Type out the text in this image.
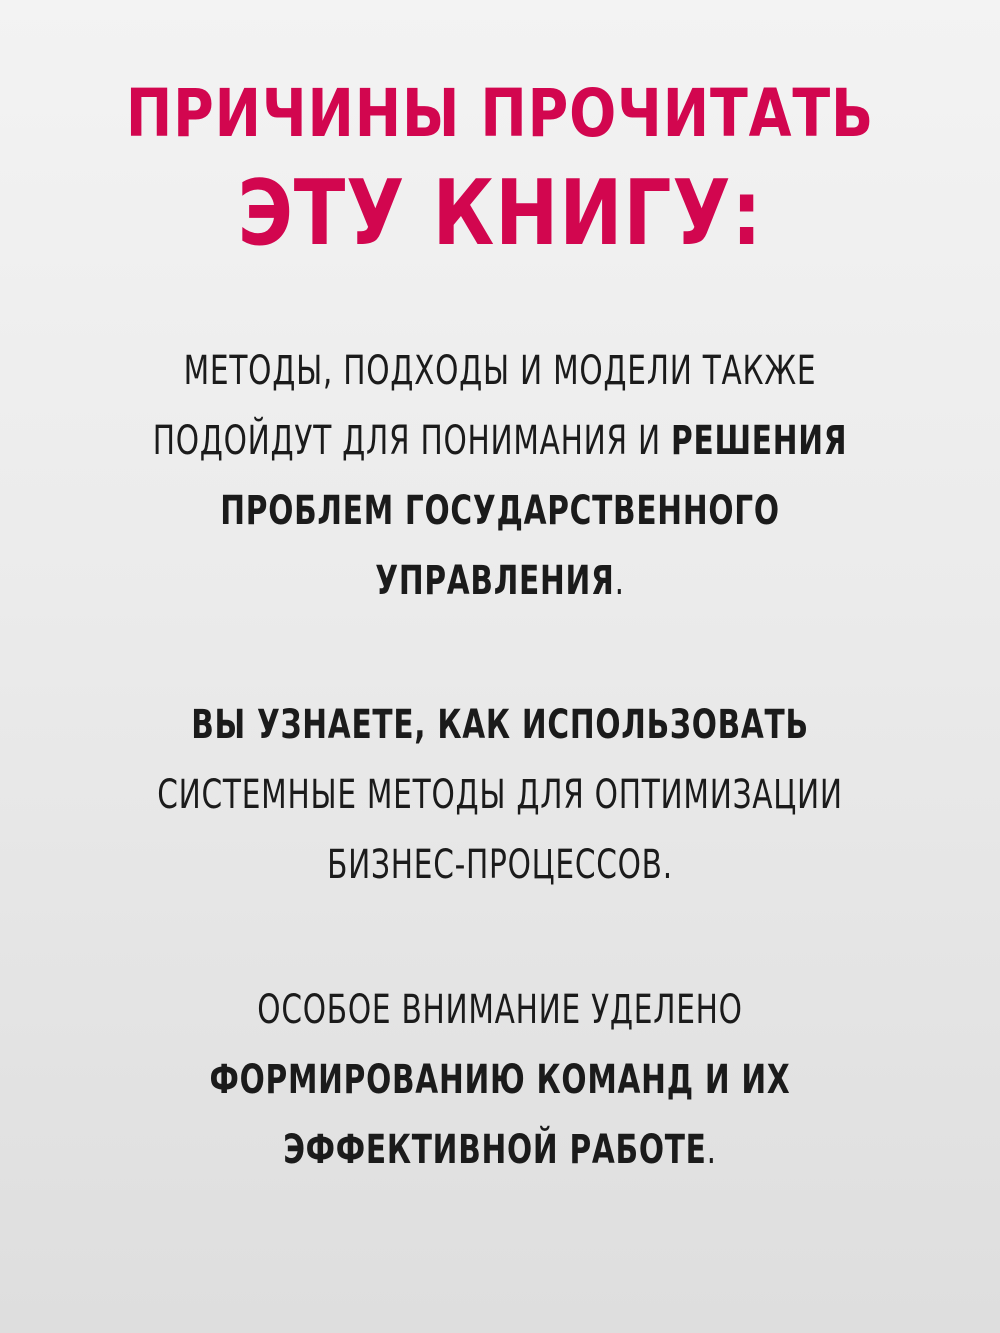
ПРИЧИНЫ ПРОЧИТАТЬ
ЭТУ КНИГУ:

МЕТОДЫ, ПОДХОДЫ И МОДЕЛИ ТАКЖЕ
ПОДОЙДУТ ДЛЯ ПОНИМАНИЯ И РЕШЕНИЯ
ПРОБЛЕМ ГОСУДАРСТВЕННОГО
УПРАВЛЕНИЯ.

ВЫ УЗНАЕТЕ, КАК ИСПОЛЬЗОВАТЬ
СИСТЕМНЫЕ МЕТОДЫ ДЛЯ ОПТИМИЗАЦИИ
БИЗНЕС-ПРОЦЕССОВ.

ОСОБОЕ ВНИМАНИЕ УДЕЛЕНО
ФОРМИРОВАНИЮ КОМАНД И ИХ
ЭФФЕКТИВНОЙ РАБОТЕ.
